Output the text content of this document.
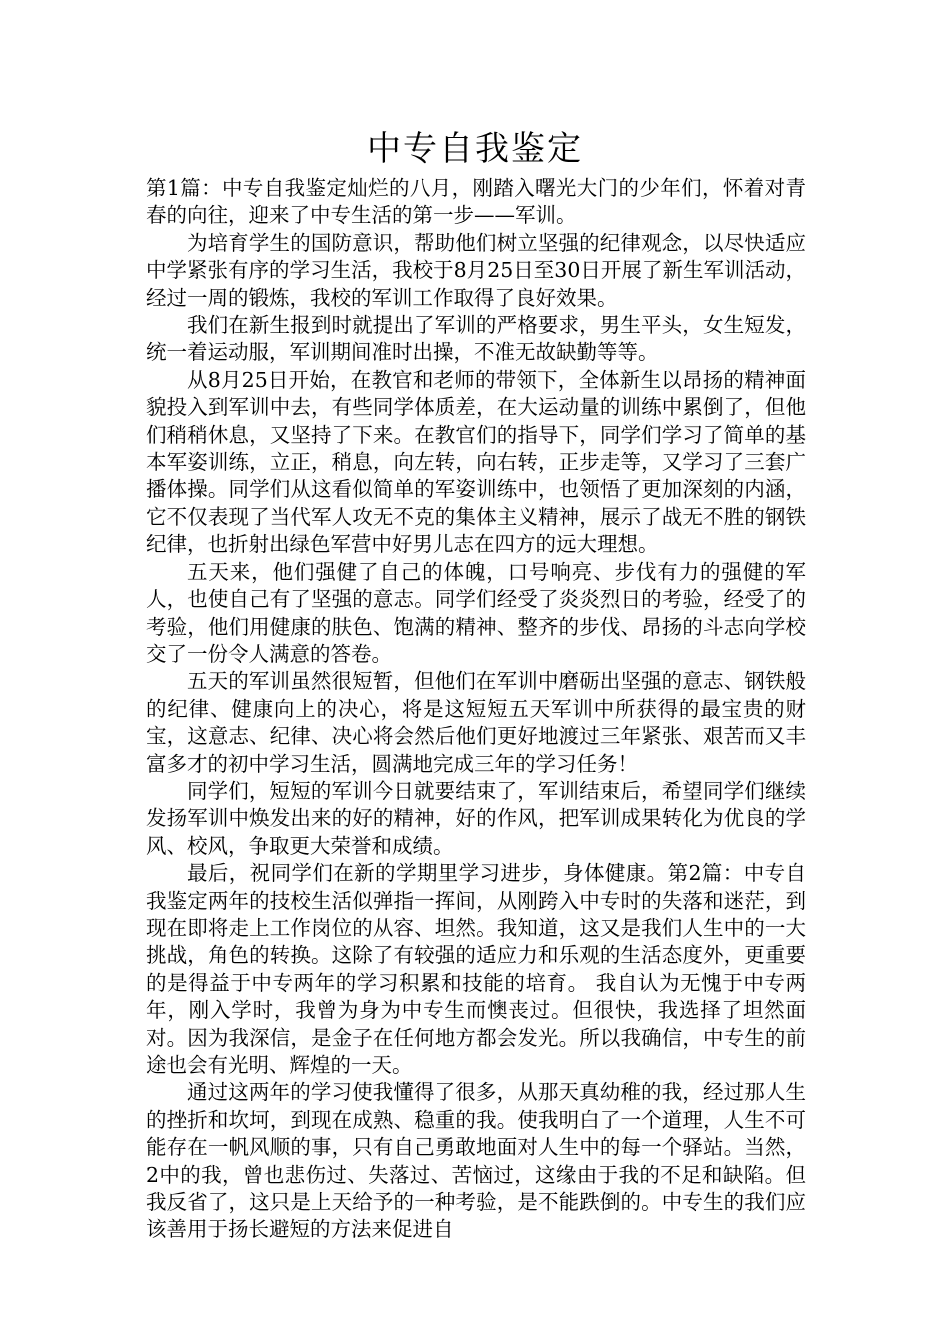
中专自我鉴定

第1篇：中专自我鉴定灿烂的八月，刚踏入曙光大门的少年们，怀着对青春的向往，迎来了中专生活的第一步——军训。

为培育学生的国防意识，帮助他们树立坚强的纪律观念，以尽快适应中学紧张有序的学习生活，我校于8月25日至30日开展了新生军训活动，经过一周的锻炼，我校的军训工作取得了良好效果。

我们在新生报到时就提出了军训的严格要求，男生平头，女生短发，统一着运动服，军训期间准时出操，不准无故缺勤等等。

从8月25日开始，在教官和老师的带领下，全体新生以昂扬的精神面貌投入到军训中去，有些同学体质差，在大运动量的训练中累倒了，但他们稍稍休息，又坚持了下来。在教官们的指导下，同学们学习了简单的基本军姿训练，立正，稍息，向左转，向右转，正步走等，又学习了三套广播体操。同学们从这看似简单的军姿训练中，也领悟了更加深刻的内涵，它不仅表现了当代军人攻无不克的集体主义精神，展示了战无不胜的钢铁纪律，也折射出绿色军营中好男儿志在四方的远大理想。

五天来，他们强健了自己的体魄，口号响亮、步伐有力的强健的军人，也使自己有了坚强的意志。同学们经受了炎炎烈日的考验，经受了的考验，他们用健康的肤色、饱满的精神、整齐的步伐、昂扬的斗志向学校交了一份令人满意的答卷。

五天的军训虽然很短暂，但他们在军训中磨砺出坚强的意志、钢铁般的纪律、健康向上的决心，将是这短短五天军训中所获得的最宝贵的财宝，这意志、纪律、决心将会然后他们更好地渡过三年紧张、艰苦而又丰富多才的初中学习生活，圆满地完成三年的学习任务！

同学们，短短的军训今日就要结束了，军训结束后，希望同学们继续发扬军训中焕发出来的好的精神，好的作风，把军训成果转化为优良的学风、校风，争取更大荣誉和成绩。

最后，祝同学们在新的学期里学习进步，身体健康。第2篇：中专自我鉴定两年的技校生活似弹指一挥间，从刚跨入中专时的失落和迷茫，到现在即将走上工作岗位的从容、坦然。我知道，这又是我们人生中的一大挑战，角色的转换。这除了有较强的适应力和乐观的生活态度外，更重要的是得益于中专两年的学习积累和技能的培育。 我自认为无愧于中专两年，刚入学时，我曾为身为中专生而懊丧过。但很快，我选择了坦然面对。因为我深信，是金子在任何地方都会发光。所以我确信，中专生的前途也会有光明、辉煌的一天。

通过这两年的学习使我懂得了很多，从那天真幼稚的我，经过那人生的挫折和坎坷，到现在成熟、稳重的我。使我明白了一个道理，人生不可能存在一帆风顺的事，只有自己勇敢地面对人生中的每一个驿站。当然，2中的我，曾也悲伤过、失落过、苦恼过，这缘由于我的不足和缺陷。但我反省了，这只是上天给予的一种考验，是不能跌倒的。中专生的我们应该善用于扬长避短的方法来促进自
